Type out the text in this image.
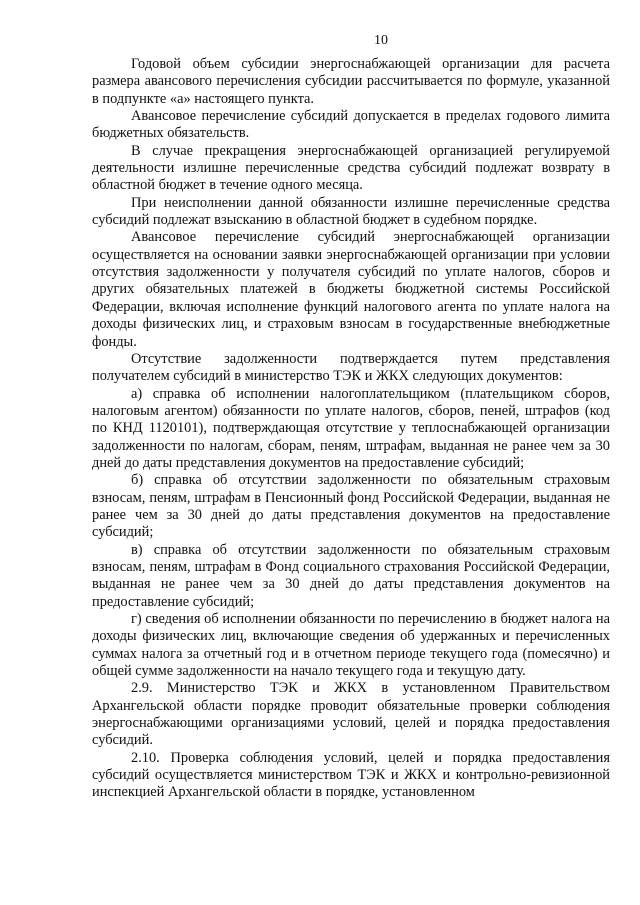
10

Годовой объем субсидии энергоснабжающей организации для расчета размера авансового перечисления субсидии рассчитывается по формуле, указанной в подпункте «а» настоящего пункта.

Авансовое перечисление субсидий допускается в пределах годового лимита бюджетных обязательств.

В случае прекращения энергоснабжающей организацией регулируемой деятельности излишне перечисленные средства субсидий подлежат возврату в областной бюджет в течение одного месяца.

При неисполнении данной обязанности излишне перечисленные средства субсидий подлежат взысканию в областной бюджет в судебном порядке.

Авансовое перечисление субсидий энергоснабжающей организации осуществляется на основании заявки энергоснабжающей организации при условии отсутствия задолженности у получателя субсидий по уплате налогов, сборов и других обязательных платежей в бюджеты бюджетной системы Российской Федерации, включая исполнение функций налогового агента по уплате налога на доходы физических лиц, и страховым взносам в государственные внебюджетные фонды.

Отсутствие задолженности подтверждается путем представления получателем субсидий в министерство ТЭК и ЖКХ следующих документов:

а) справка об исполнении налогоплательщиком (плательщиком сборов, налоговым агентом) обязанности по уплате налогов, сборов, пеней, штрафов (код по КНД 1120101), подтверждающая отсутствие у теплоснабжающей организации задолженности по налогам, сборам, пеням, штрафам, выданная не ранее чем за 30 дней до даты представления документов на предоставление субсидий;

б) справка об отсутствии задолженности по обязательным страховым взносам, пеням, штрафам в Пенсионный фонд Российской Федерации, выданная не ранее чем за 30 дней до даты представления документов на предоставление субсидий;

в) справка об отсутствии задолженности по обязательным страховым взносам, пеням, штрафам в Фонд социального страхования Российской Федерации, выданная не ранее чем за 30 дней до даты представления документов на предоставление субсидий;

г) сведения об исполнении обязанности по перечислению в бюджет налога на доходы физических лиц, включающие сведения об удержанных и перечисленных суммах налога за отчетный год и в отчетном периоде текущего года (помесячно) и общей сумме задолженности на начало текущего года и текущую дату.

2.9. Министерство ТЭК и ЖКХ в установленном Правительством Архангельской области порядке проводит обязательные проверки соблюдения энергоснабжающими организациями условий, целей и порядка предоставления субсидий.

2.10. Проверка соблюдения условий, целей и порядка предоставления субсидий осуществляется министерством ТЭК и ЖКХ и контрольно-ревизионной инспекцией Архангельской области в порядке, установленном
